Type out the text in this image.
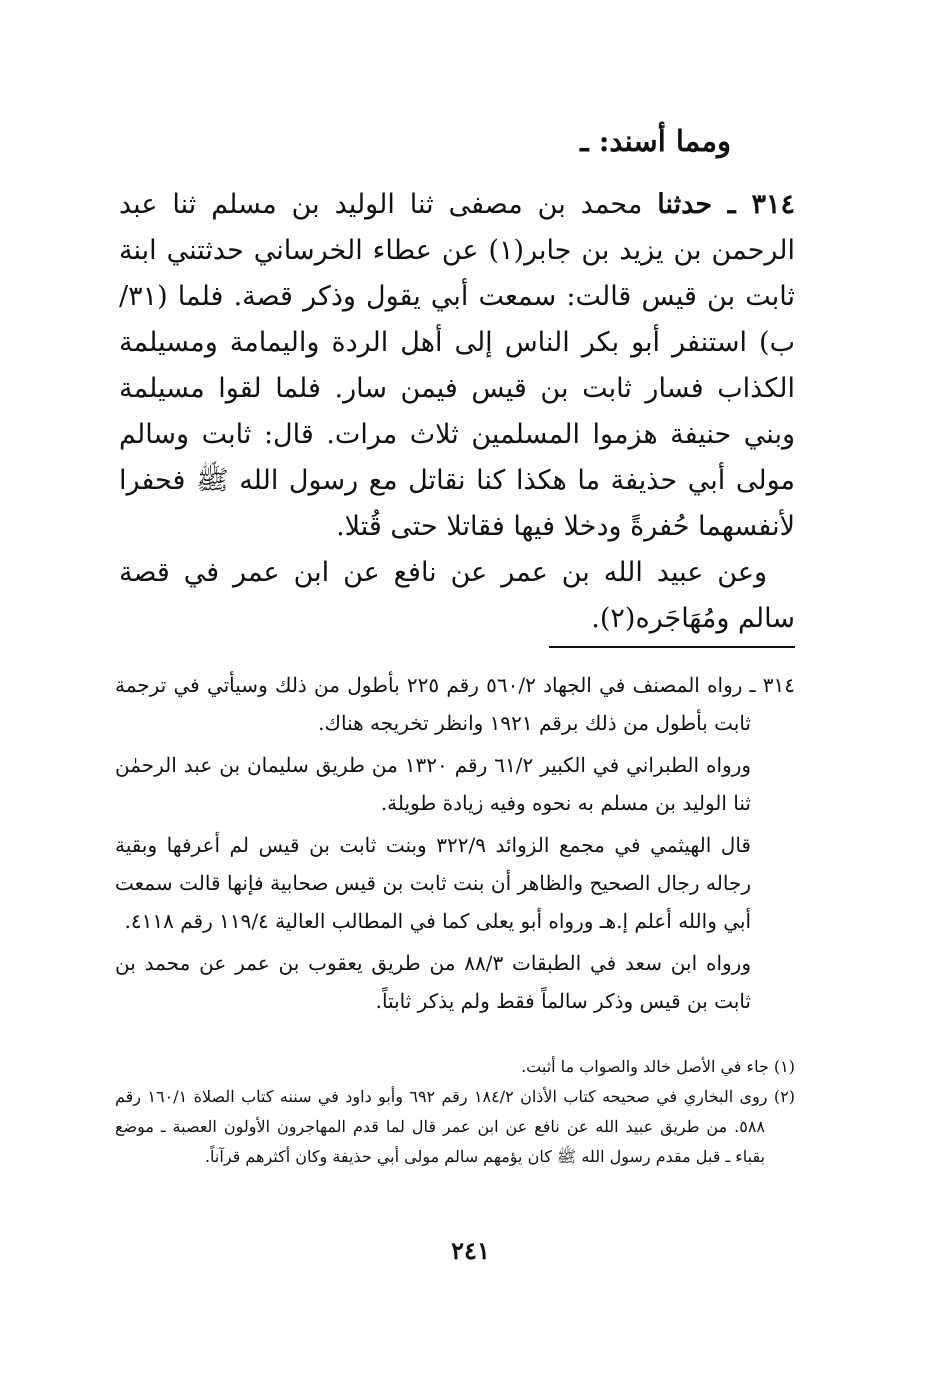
ومما أسند: ـ

٣١٤ ـ حدثنا محمد بن مصفى ثنا الوليد بن مسلم ثنا عبد الرحمن بن يزيد بن جابر(١) عن عطاء الخرساني حدثتني ابنة ثابت بن قيس قالت: سمعت أبي يقول وذكر قصة. فلما (٣١/ب) استنفر أبو بكر الناس إلى أهل الردة واليمامة ومسيلمة الكذاب فسار ثابت بن قيس فيمن سار. فلما لقوا مسيلمة وبني حنيفة هزموا المسلمين ثلاث مرات. قال: ثابت وسالم مولى أبي حذيفة ما هكذا كنا نقاتل مع رسول الله ﷺ فحفرا لأنفسهما حُفرةً ودخلا فيها فقاتلا حتى قُتلا.

وعن عبيد الله بن عمر عن نافع عن ابن عمر في قصة سالم ومُهَاجَره(٢).

٣١٤ ـ رواه المصنف في الجهاد ٥٦٠/٢ رقم ٢٢٥ بأطول من ذلك وسيأتي في ترجمة ثابت بأطول من ذلك برقم ١٩٢١ وانظر تخريجه هناك.

ورواه الطبراني في الكبير ٦١/٢ رقم ١٣٢٠ من طريق سليمان بن عبد الرحمٰن ثنا الوليد بن مسلم به نحوه وفيه زيادة طويلة.

قال الهيثمي في مجمع الزوائد ٣٢٢/٩ وبنت ثابت بن قيس لم أعرفها وبقية رجاله رجال الصحيح والظاهر أن بنت ثابت بن قيس صحابية فإنها قالت سمعت أبي والله أعلم إ.هـ ورواه أبو يعلى كما في المطالب العالية ١١٩/٤ رقم ٤١١٨.

ورواه ابن سعد في الطبقات ٨٨/٣ من طريق يعقوب بن عمر عن محمد بن ثابت بن قيس وذكر سالماً فقط ولم يذكر ثابتاً.

(١) جاء في الأصل خالد والصواب ما أثبت.

(٢) روى البخاري في صحيحه كتاب الأذان ١٨٤/٢ رقم ٦٩٢ وأبو داود في سننه كتاب الصلاة ١٦٠/١ رقم ٥٨٨. من طريق عبيد الله عن نافع عن ابن عمر قال لما قدم المهاجرون الأولون العصبة ـ موضع بقباء ـ قبل مقدم رسول الله ﷺ كان يؤمهم سالم مولى أبي حذيفة وكان أكثرهم قرآناً.

٢٤١
